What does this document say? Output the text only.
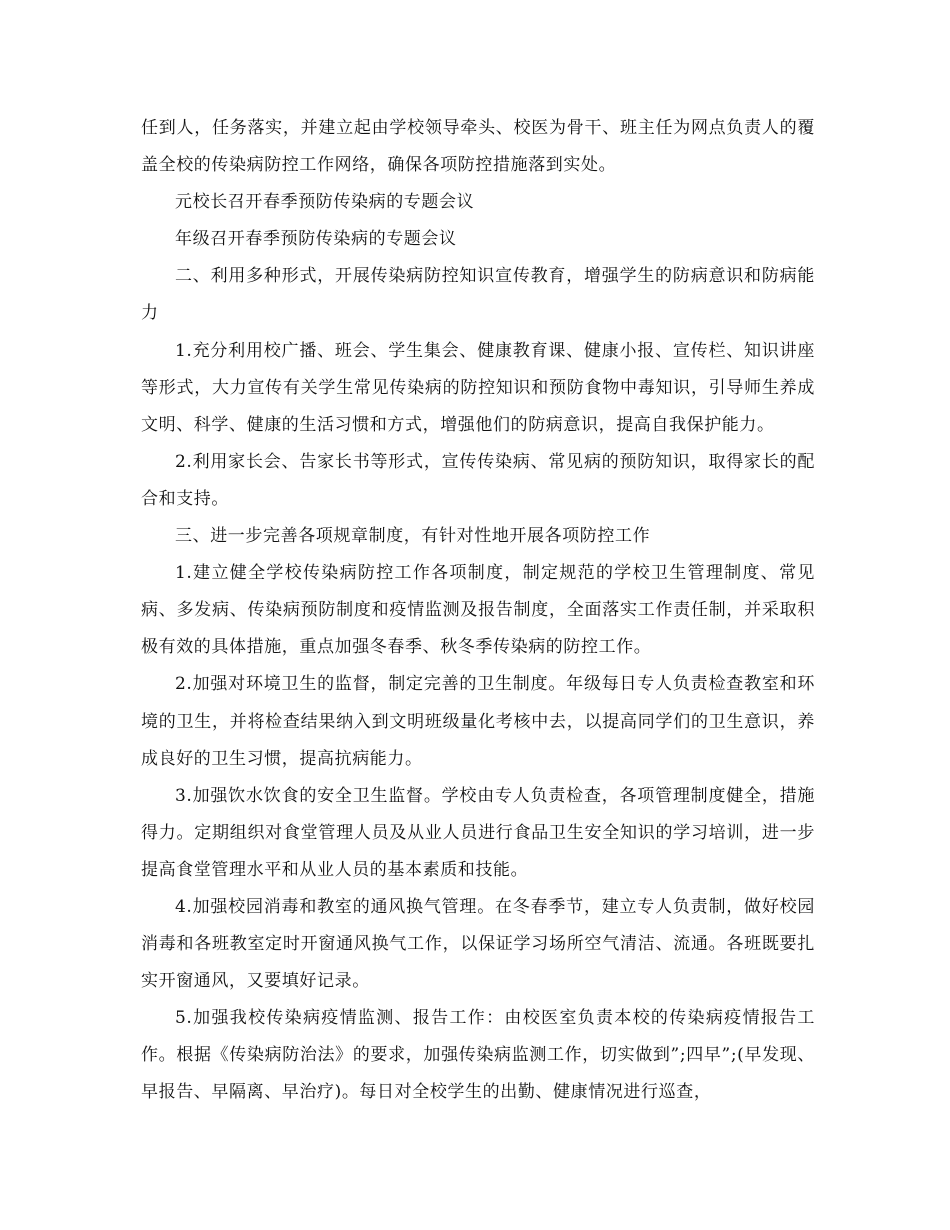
任到人，任务落实，并建立起由学校领导牵头、校医为骨干、班主任为网点负责人的覆盖全校的传染病防控工作网络，确保各项防控措施落到实处。

元校长召开春季预防传染病的专题会议

年级召开春季预防传染病的专题会议

二、利用多种形式，开展传染病防控知识宣传教育，增强学生的防病意识和防病能力

1.充分利用校广播、班会、学生集会、健康教育课、健康小报、宣传栏、知识讲座等形式，大力宣传有关学生常见传染病的防控知识和预防食物中毒知识，引导师生养成文明、科学、健康的生活习惯和方式，增强他们的防病意识，提高自我保护能力。

2.利用家长会、告家长书等形式，宣传传染病、常见病的预防知识，取得家长的配合和支持。

三、进一步完善各项规章制度，有针对性地开展各项防控工作

1.建立健全学校传染病防控工作各项制度，制定规范的学校卫生管理制度、常见病、多发病、传染病预防制度和疫情监测及报告制度，全面落实工作责任制，并采取积极有效的具体措施，重点加强冬春季、秋冬季传染病的防控工作。

2.加强对环境卫生的监督，制定完善的卫生制度。年级每日专人负责检查教室和环境的卫生，并将检查结果纳入到文明班级量化考核中去，以提高同学们的卫生意识，养成良好的卫生习惯，提高抗病能力。

3.加强饮水饮食的安全卫生监督。学校由专人负责检查，各项管理制度健全，措施得力。定期组织对食堂管理人员及从业人员进行食品卫生安全知识的学习培训，进一步提高食堂管理水平和从业人员的基本素质和技能。

4.加强校园消毒和教室的通风换气管理。在冬春季节，建立专人负责制，做好校园消毒和各班教室定时开窗通风换气工作，以保证学习场所空气清洁、流通。各班既要扎实开窗通风，又要填好记录。

5.加强我校传染病疫情监测、报告工作：由校医室负责本校的传染病疫情报告工作。根据《传染病防治法》的要求，加强传染病监测工作，切实做到”;四早”;(早发现、早报告、早隔离、早治疗)。每日对全校学生的出勤、健康情况进行巡查，
